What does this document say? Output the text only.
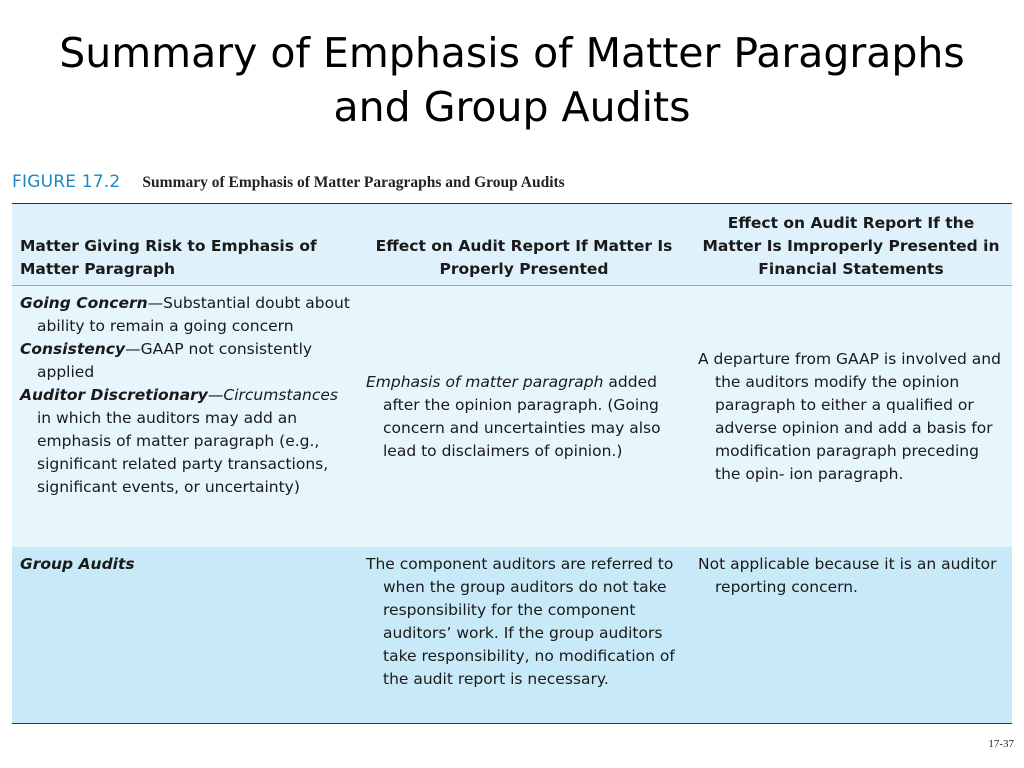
Summary of Emphasis of Matter Paragraphs
and Group Audits
FIGURE 17.2 Summary of Emphasis of Matter Paragraphs and Group Audits
Matter Giving Risk to Emphasis of Matter Paragraph
Effect on Audit Report If Matter Is Properly Presented
Effect on Audit Report If the Matter Is Improperly Presented in Financial Statements

Going Concern—Substantial doubt about ability to remain a going concern

Consistency—GAAP not consistently applied

Auditor Discretionary—Circumstances in which the auditors may add an emphasis of matter paragraph (e.g., significant related party transactions, significant events, or uncertainty)

Emphasis of matter paragraph added after the opinion paragraph. (Going concern and uncertainties may also lead to disclaimers of opinion.)

A departure from GAAP is involved and the auditors modify the opinion paragraph to either a qualified or adverse opinion and add a basis for modification paragraph preceding the opin- ion paragraph.

Group Audits	The component auditors are referred to when the group auditors do not take responsibility for the component auditors’ work. If the group auditors take responsibility, no modification of the audit report is necessary.

Not applicable because it is an auditor reporting concern.

17-37
